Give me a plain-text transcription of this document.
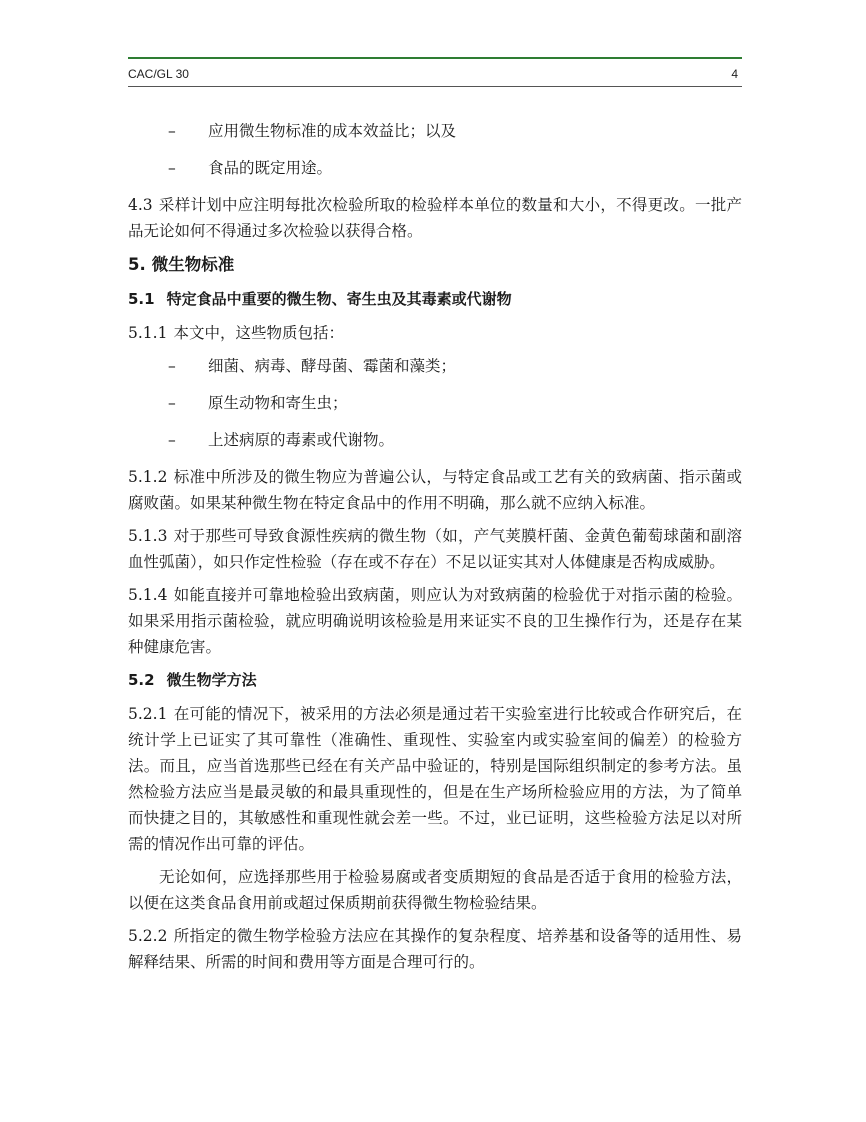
CAC/GL 30	4
–	应用微生物标准的成本效益比；以及
–	食品的既定用途。

4.3 采样计划中应注明每批次检验所取的检验样本单位的数量和大小，不得更改。一批产品无论如何不得通过多次检验以获得合格。

5. 微生物标准
5.1 特定食品中重要的微生物、寄生虫及其毒素或代谢物

5.1.1 本文中，这些物质包括：

–	细菌、病毒、酵母菌、霉菌和藻类；
–	原生动物和寄生虫；
–	上述病原的毒素或代谢物。

5.1.2 标准中所涉及的微生物应为普遍公认，与特定食品或工艺有关的致病菌、指示菌或腐败菌。如果某种微生物在特定食品中的作用不明确，那么就不应纳入标准。

5.1.3 对于那些可导致食源性疾病的微生物（如，产气荚膜杆菌、金黄色葡萄球菌和副溶血性弧菌），如只作定性检验（存在或不存在）不足以证实其对人体健康是否构成威胁。

5.1.4 如能直接并可靠地检验出致病菌，则应认为对致病菌的检验优于对指示菌的检验。如果采用指示菌检验，就应明确说明该检验是用来证实不良的卫生操作行为，还是存在某种健康危害。

5.2 微生物学方法

5.2.1 在可能的情况下，被采用的方法必须是通过若干实验室进行比较或合作研究后，在统计学上已证实了其可靠性（准确性、重现性、实验室内或实验室间的偏差）的检验方法。而且，应当首选那些已经在有关产品中验证的，特别是国际组织制定的参考方法。虽然检验方法应当是最灵敏的和最具重现性的，但是在生产场所检验应用的方法，为了简单而快捷之目的，其敏感性和重现性就会差一些。不过，业已证明，这些检验方法足以对所需的情况作出可靠的评估。

无论如何，应选择那些用于检验易腐或者变质期短的食品是否适于食用的检验方法，以便在这类食品食用前或超过保质期前获得微生物检验结果。

5.2.2 所指定的微生物学检验方法应在其操作的复杂程度、培养基和设备等的适用性、易解释结果、所需的时间和费用等方面是合理可行的。
